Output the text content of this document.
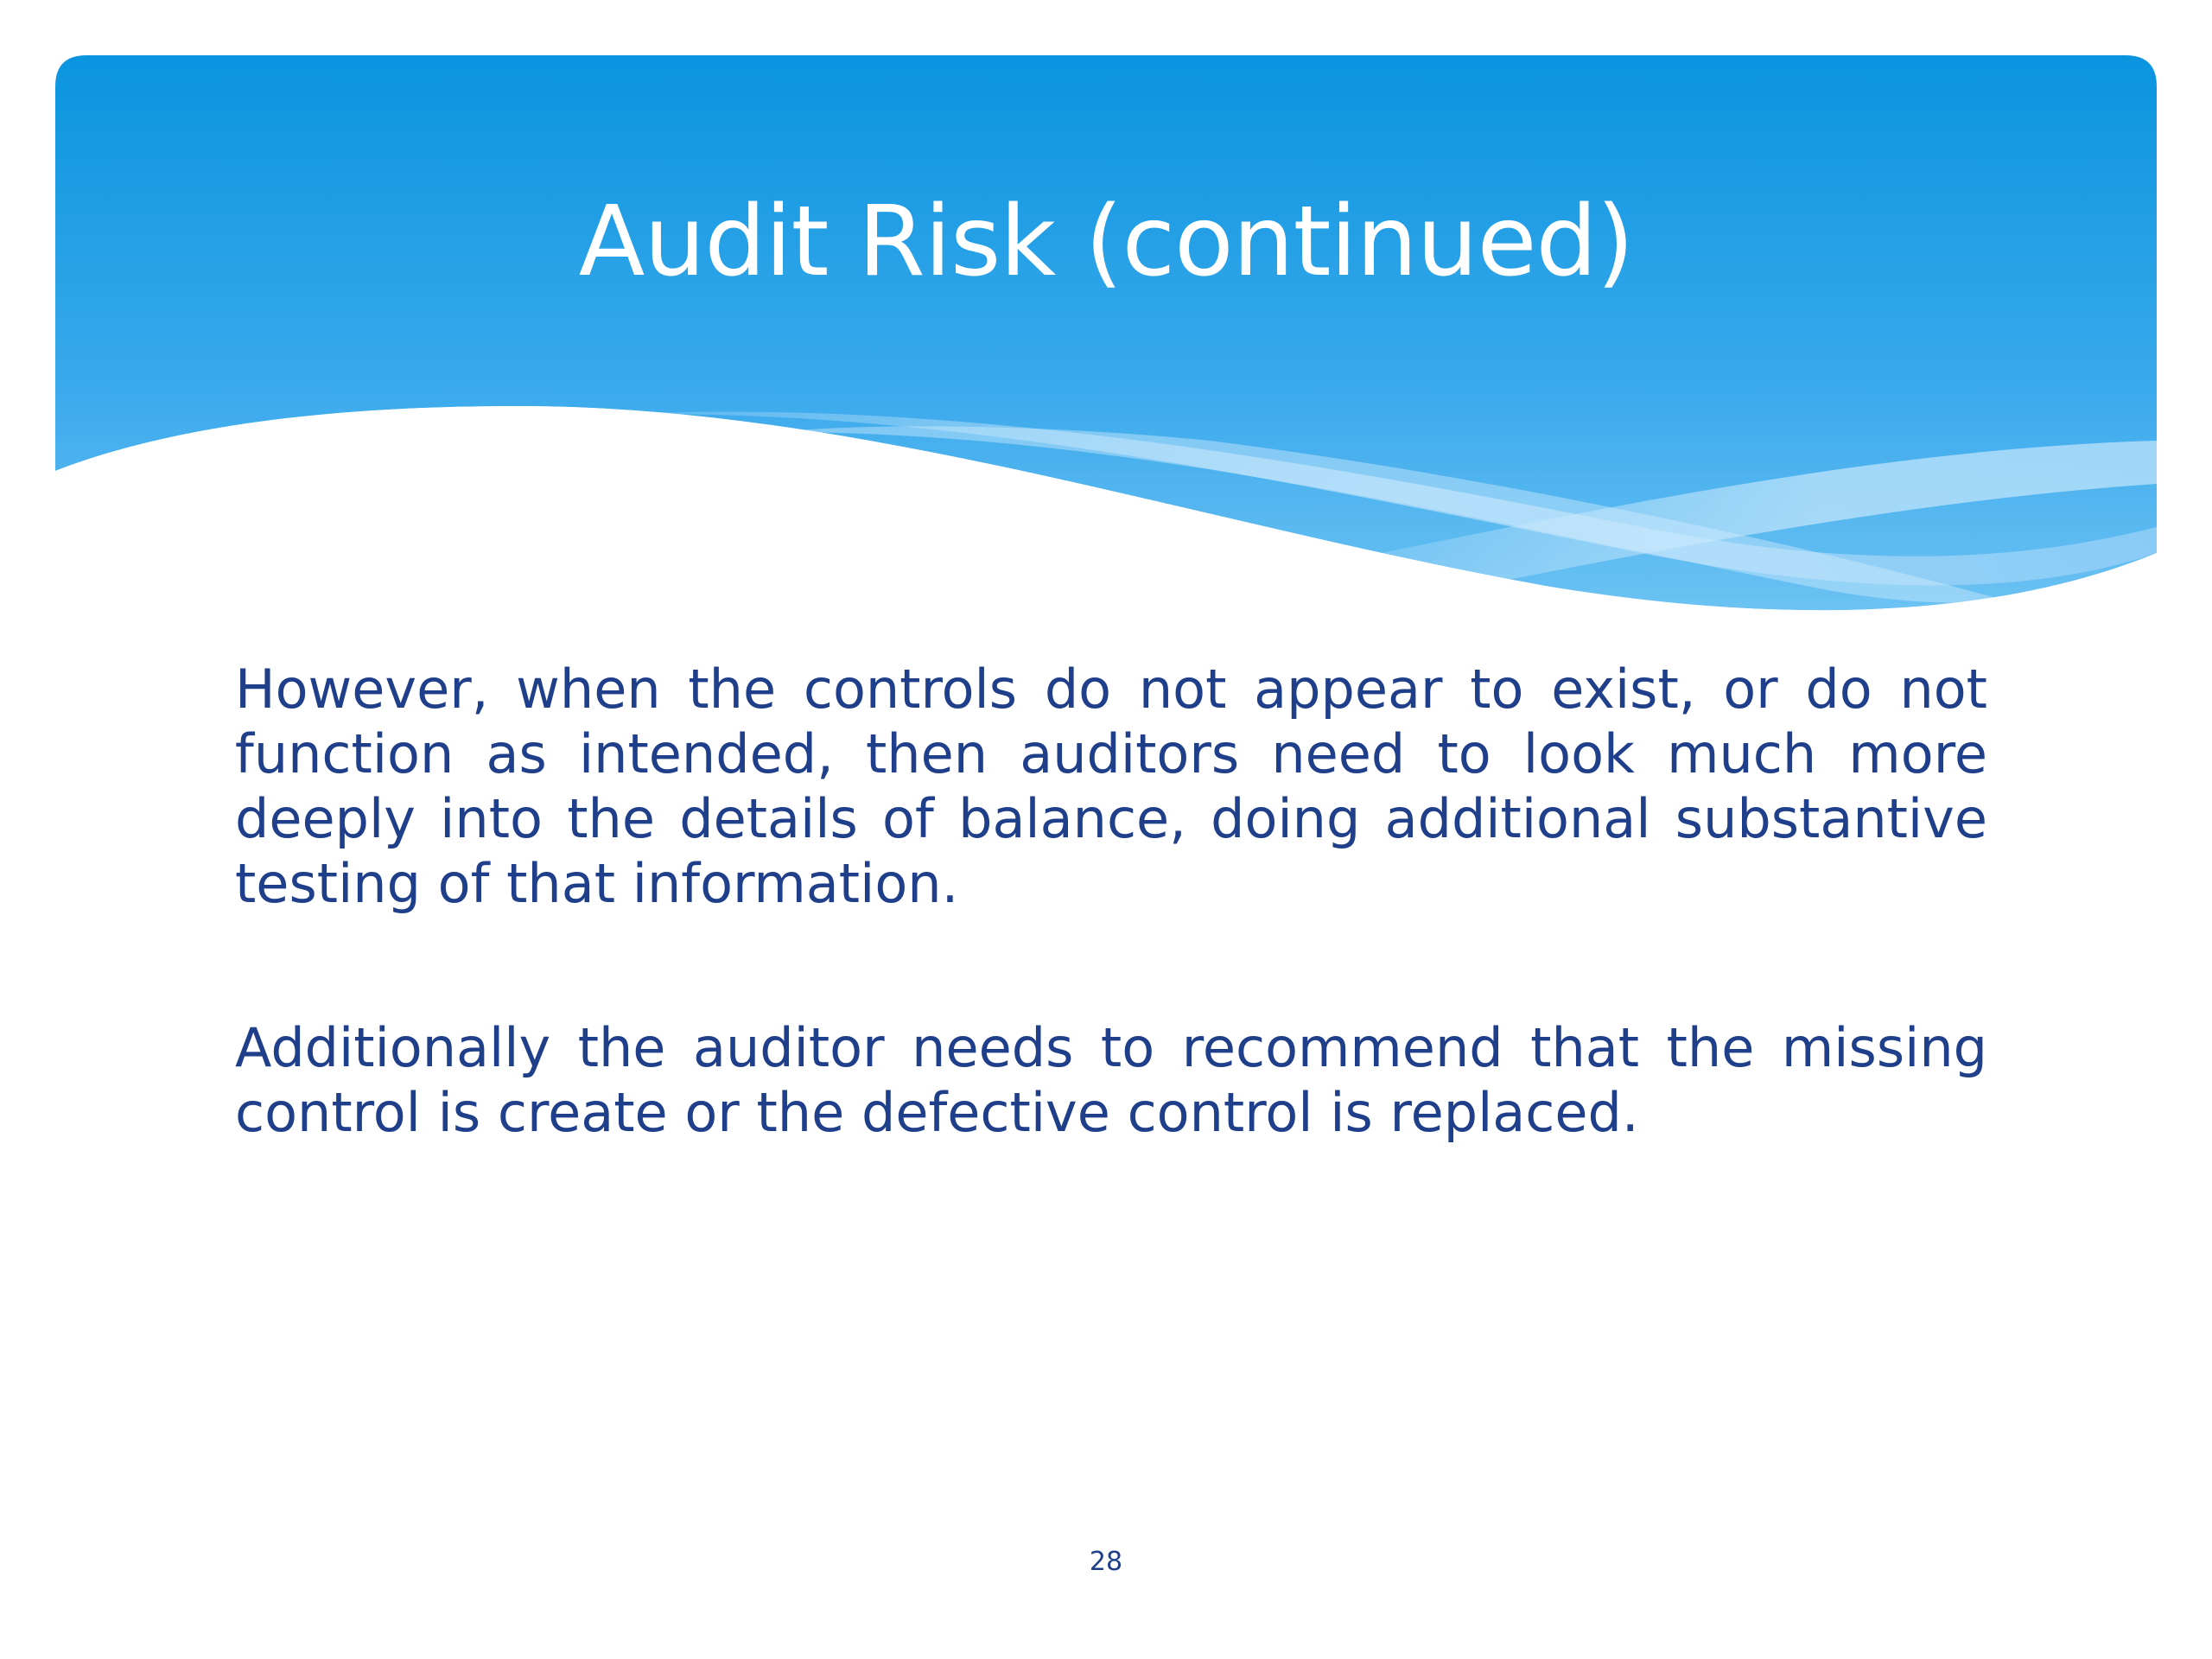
Audit Risk (continued)

However, when the controls do not appear to exist, or do not function as intended, then auditors need to look much more deeply into the details of balance, doing additional substantive testing of that information.

Additionally the auditor needs to recommend that the missing control is create or the defective control is replaced.

28
